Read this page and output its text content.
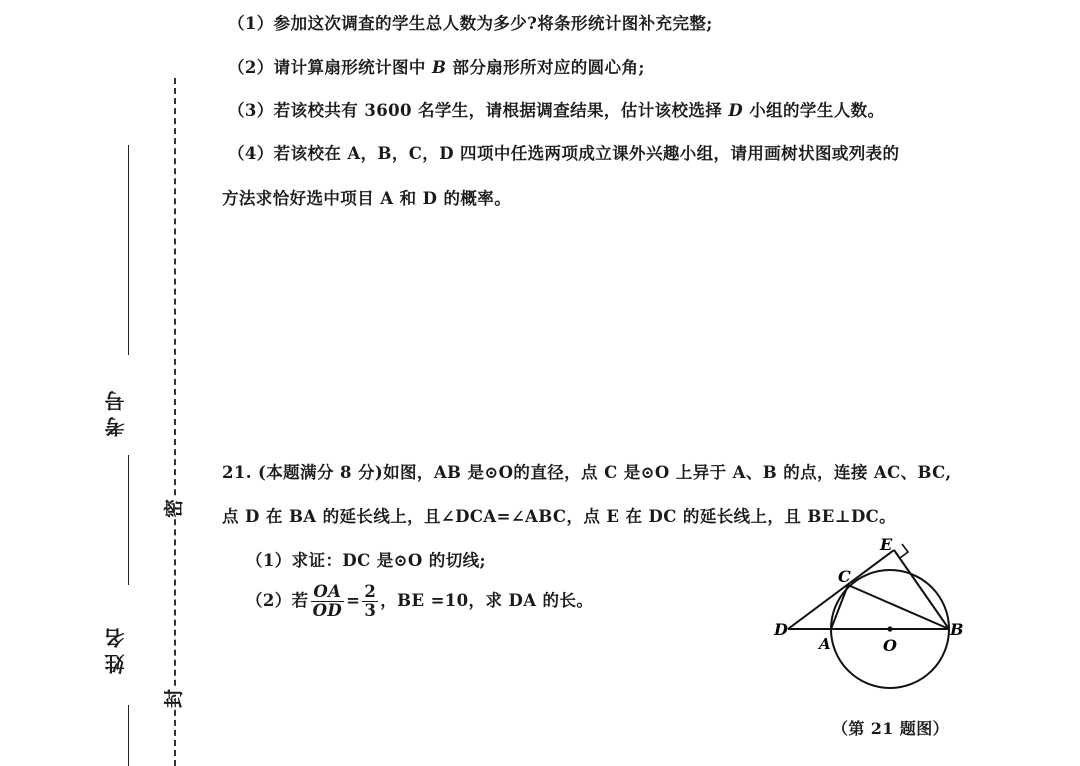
考号
姓名
密
封
（1）参加这次调查的学生总人数为多少?将条形统计图补充完整;
（2）请计算扇形统计图中 B 部分扇形所对应的圆心角;
（3）若该校共有 3600 名学生，请根据调查结果，估计该校选择 D 小组的学生人数。
（4）若该校在 A，B，C，D 四项中任选两项成立课外兴趣小组，请用画树状图或列表的
方法求恰好选中项目 A 和 D 的概率。
21. (本题满分 8 分)如图，AB 是⊙O的直径，点 C 是⊙O 上异于 A、B 的点，连接 AC、BC,
点 D 在 BA 的延长线上，且∠DCA=∠ABC，点 E 在 DC 的延长线上，且 BE⊥DC。
（1）求证：DC 是⊙O 的切线;
（2）若 $\frac{OA}{OD} = \frac{2}{3}$ ，BE =10，求 DA 的长。
E
C
D
A	O
B
（第 21 题图）
